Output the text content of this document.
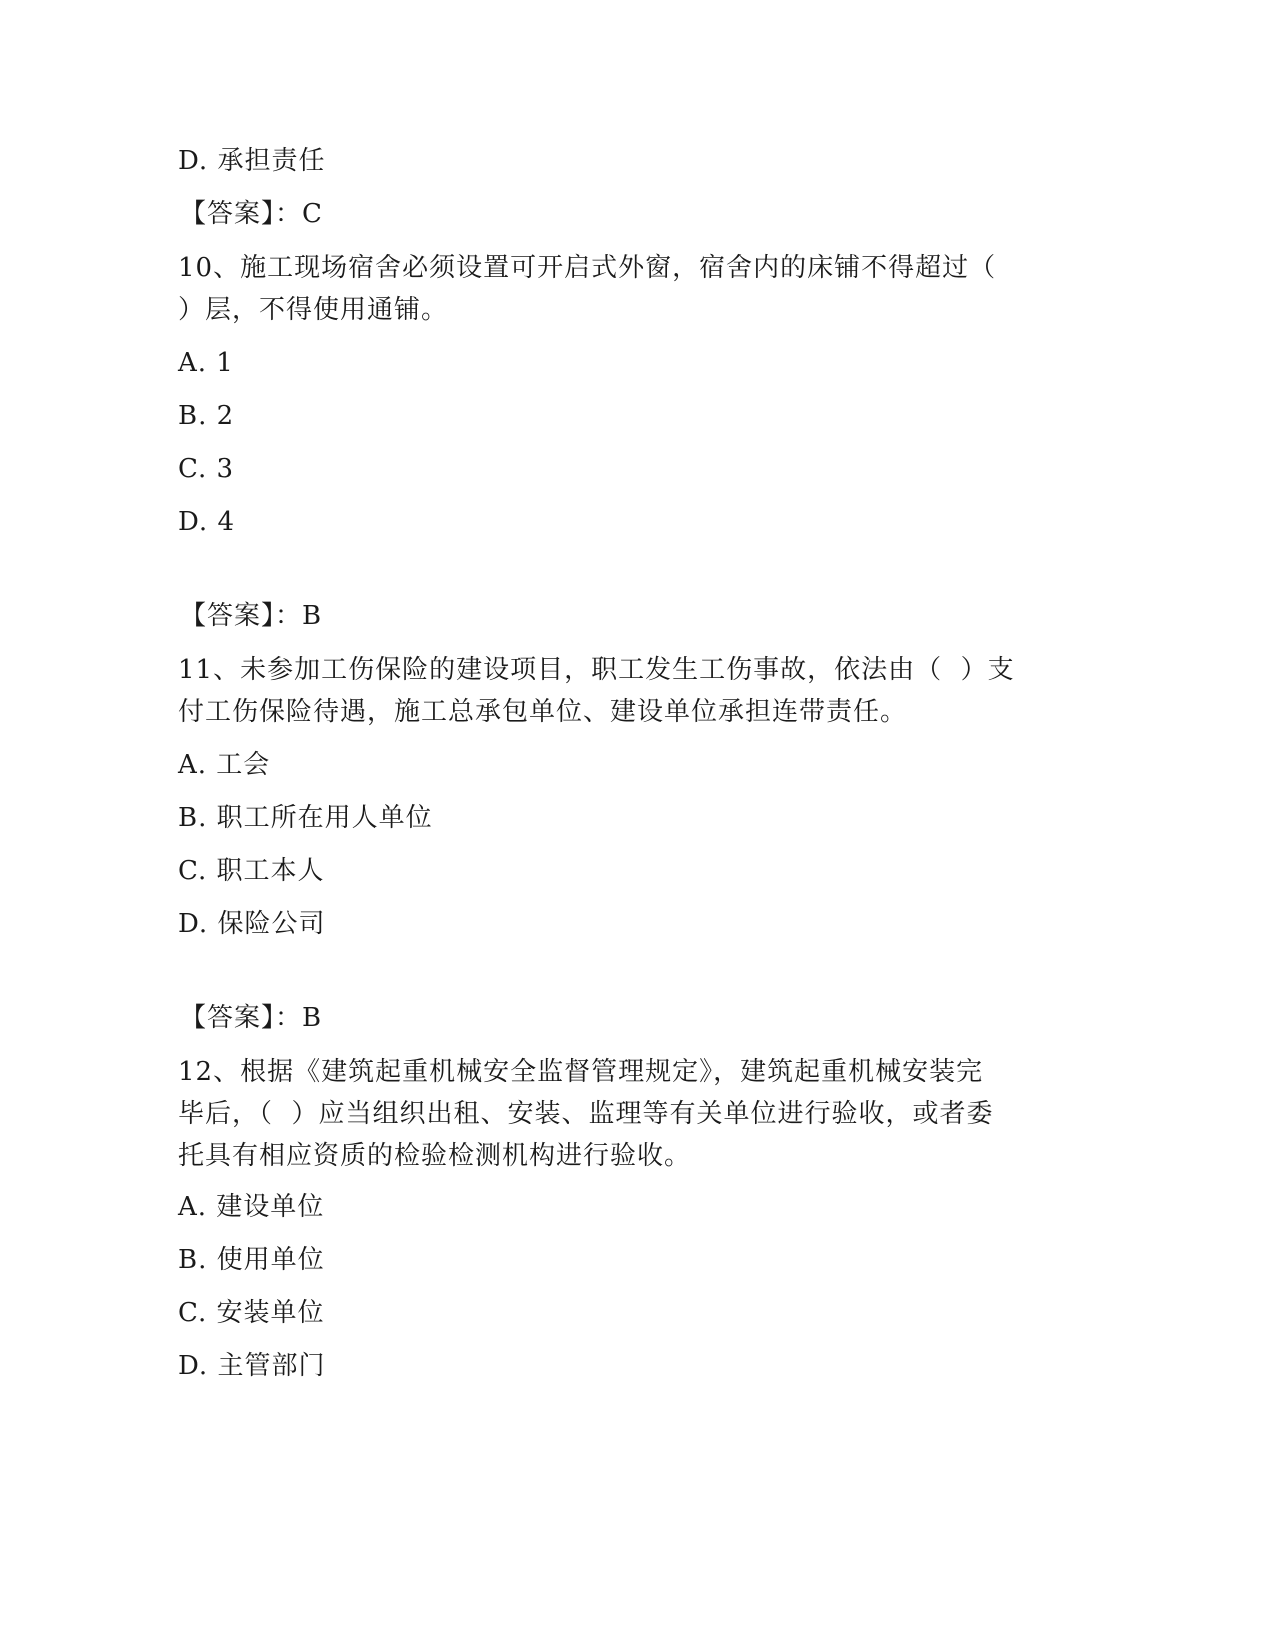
D. 承担责任
【答案】：C
10、施工现场宿舍必须设置可开启式外窗，宿舍内的床铺不得超过（
）层，不得使用通铺。
A. 1
B. 2
C. 3
D. 4
【答案】：B
11、未参加工伤保险的建设项目，职工发生工伤事故，依法由（  ）支
付工伤保险待遇，施工总承包单位、建设单位承担连带责任。
A. 工会
B. 职工所在用人单位
C. 职工本人
D. 保险公司
【答案】：B
12、根据《建筑起重机械安全监督管理规定》，建筑起重机械安装完
毕后，（  ）应当组织出租、安装、监理等有关单位进行验收，或者委
托具有相应资质的检验检测机构进行验收。
A. 建设单位
B. 使用单位
C. 安装单位
D. 主管部门
